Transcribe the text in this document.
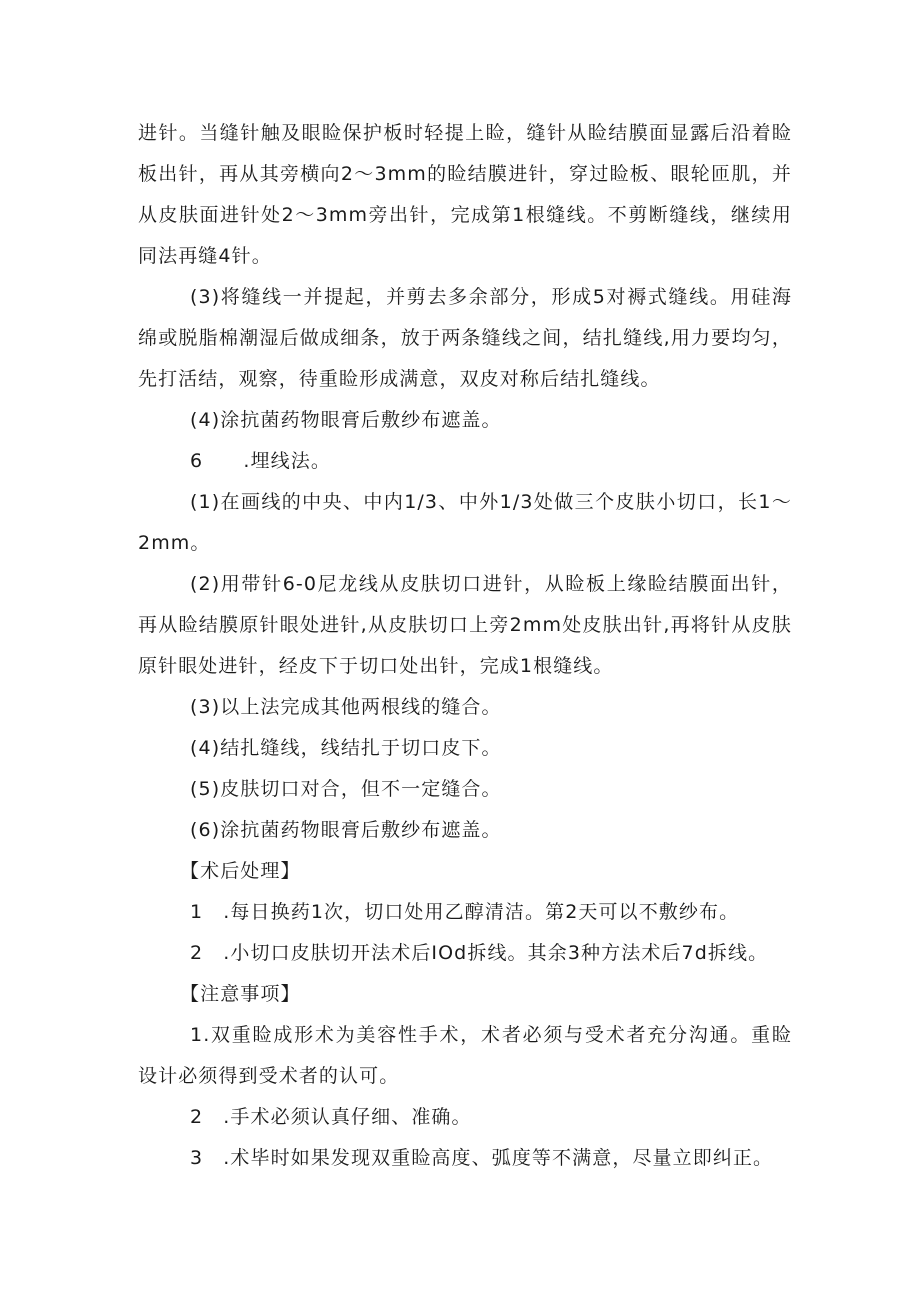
进针。当缝针触及眼睑保护板时轻提上睑，缝针从睑结膜面显露后沿着睑板出针，再从其旁横向2〜3mm的睑结膜进针，穿过睑板、眼轮匝肌，并从皮肤面进针处2〜3mm旁出针，完成第1根缝线。不剪断缝线，继续用同法再缝4针。

(3)将缝线一并提起，并剪去多余部分，形成5对褥式缝线。用硅海绵或脱脂棉潮湿后做成细条，放于两条缝线之间，结扎缝线,用力要均匀，先打活结，观察，待重睑形成满意，双皮对称后结扎缝线。

(4)涂抗菌药物眼膏后敷纱布遮盖。

6　　.埋线法。

(1)在画线的中央、中内1/3、中外1/3处做三个皮肤小切口，长1〜2mm。

(2)用带针6-0尼龙线从皮肤切口进针，从睑板上缘睑结膜面出针，再从睑结膜原针眼处进针,从皮肤切口上旁2mm处皮肤出针,再将针从皮肤原针眼处进针，经皮下于切口处出针，完成1根缝线。

(3)以上法完成其他两根线的缝合。

(4)结扎缝线，线结扎于切口皮下。

(5)皮肤切口对合，但不一定缝合。

(6)涂抗菌药物眼膏后敷纱布遮盖。

【术后处理】

1　.每日换药1次，切口处用乙醇清洁。第2天可以不敷纱布。

2　.小切口皮肤切开法术后IOd拆线。其余3种方法术后7d拆线。

【注意事项】

1.双重睑成形术为美容性手术，术者必须与受术者充分沟通。重睑设计必须得到受术者的认可。

2　.手术必须认真仔细、准确。

3　.术毕时如果发现双重睑高度、弧度等不满意，尽量立即纠正。
